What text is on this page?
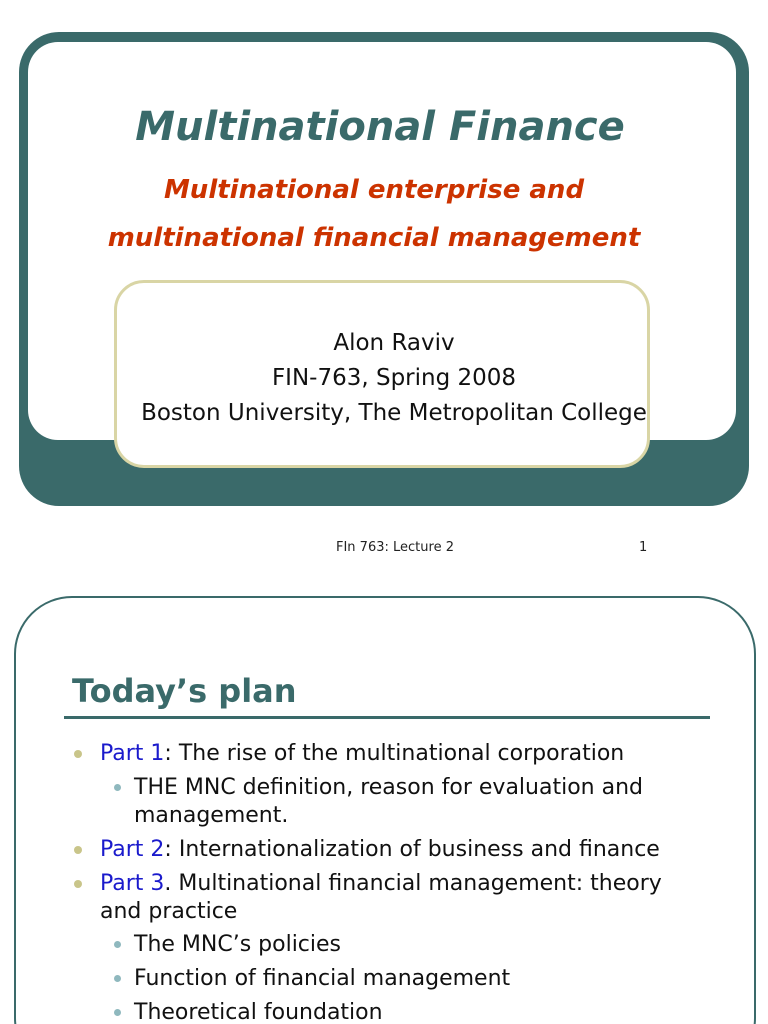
Multinational Finance
Multinational enterprise and
multinational financial management
Alon Raviv
FIN-763, Spring 2008
Boston University, The Metropolitan College
FIn 763: Lecture 2	1
Today’s plan
Part 1: The rise of the multinational corporation
THE MNC definition, reason for evaluation and management.
Part 2: Internationalization of business and finance
Part 3. Multinational financial management: theory and practice
The MNC’s policies
Function of financial management
Theoretical foundation
